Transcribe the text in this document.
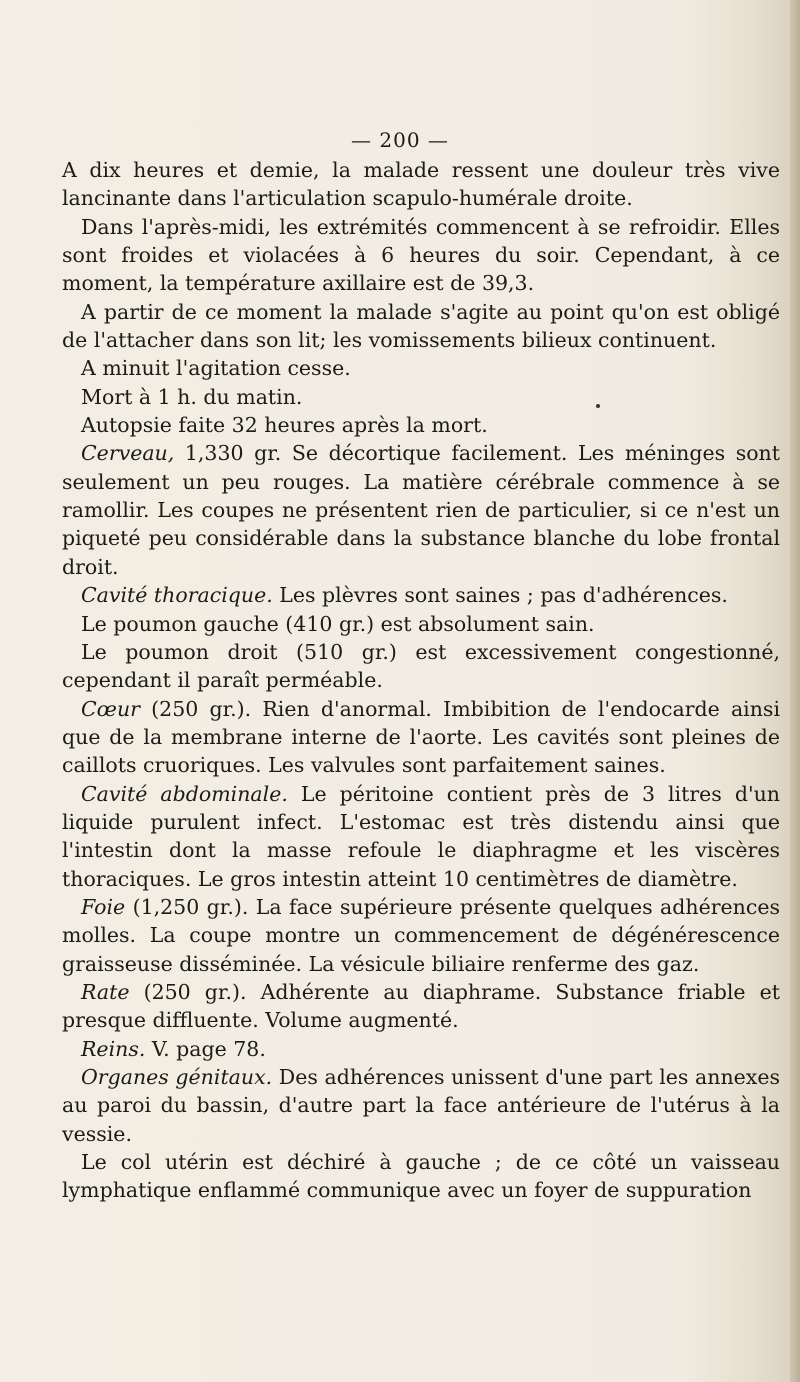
— 200 —

A dix heures et demie, la malade ressent une douleur très vive lancinante dans l'articulation scapulo-humérale droite.

Dans l'après-midi, les extrémités commencent à se refroidir. Elles sont froides et violacées à 6 heures du soir. Cependant, à ce moment, la température axillaire est de 39,3.

A partir de ce moment la malade s'agite au point qu'on est obligé de l'attacher dans son lit; les vomissements bilieux continuent.

A minuit l'agitation cesse.

Mort à 1 h. du matin.

Autopsie faite 32 heures après la mort.

Cerveau, 1,330 gr. Se décortique facilement. Les méninges sont seulement un peu rouges. La matière cérébrale commence à se ramollir. Les coupes ne présentent rien de particulier, si ce n'est un piqueté peu considérable dans la substance blanche du lobe frontal droit.

Cavité thoracique. Les plèvres sont saines ; pas d'adhérences.

Le poumon gauche (410 gr.) est absolument sain.

Le poumon droit (510 gr.) est excessivement congestionné, cependant il paraît perméable.

Cœur (250 gr.). Rien d'anormal. Imbibition de l'endocarde ainsi que de la membrane interne de l'aorte. Les cavités sont pleines de caillots cruoriques. Les valvules sont parfaitement saines.

Cavité abdominale. Le péritoine contient près de 3 litres d'un liquide purulent infect. L'estomac est très distendu ainsi que l'intestin dont la masse refoule le diaphragme et les viscères thoraciques. Le gros intestin atteint 10 centimètres de diamètre.

Foie (1,250 gr.). La face supérieure présente quelques adhérences molles. La coupe montre un commencement de dégénérescence graisseuse disséminée. La vésicule biliaire renferme des gaz.

Rate (250 gr.). Adhérente au diaphrame. Substance friable et presque diffluente. Volume augmenté.

Reins. V. page 78.

Organes génitaux. Des adhérences unissent d'une part les annexes au paroi du bassin, d'autre part la face antérieure de l'utérus à la vessie.

Le col utérin est déchiré à gauche ; de ce côté un vaisseau lymphatique enflammé communique avec un foyer de suppuration
